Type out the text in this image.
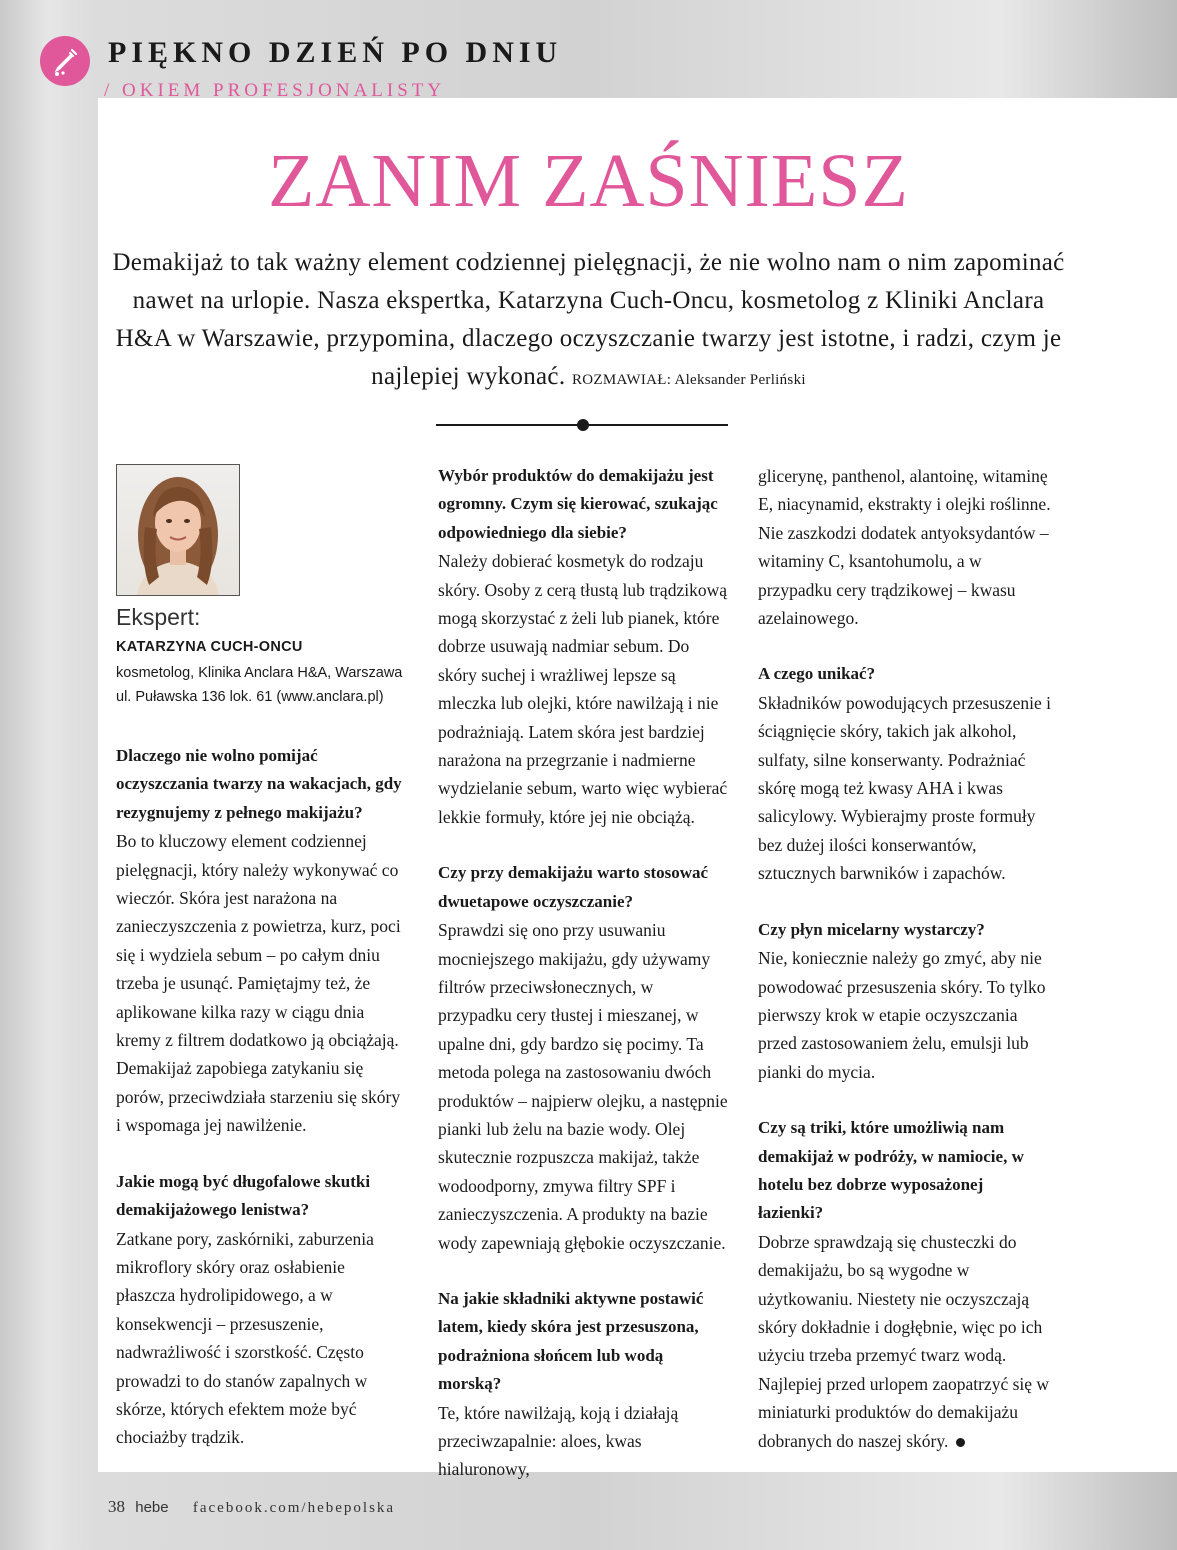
PIĘKNO DZIEŃ PO DNIU
/ OKIEM PROFESJONALISTY
ZANIM ZAŚNIESZ
Demakijaż to tak ważny element codziennej pielęgnacji, że nie wolno nam o nim zapominać nawet na urlopie. Nasza ekspertka, Katarzyna Cuch-Oncu, kosmetolog z Kliniki Anclara H&A w Warszawie, przypomina, dlaczego oczyszczanie twarzy jest istotne, i radzi, czym je najlepiej wykonać. ROZMAWIAŁ: Aleksander Perliński
Ekspert:
KATARZYNA CUCH-ONCU
kosmetolog, Klinika Anclara H&A, Warszawa
ul. Puławska 136 lok. 61 (www.anclara.pl)
Dlaczego nie wolno pomijać oczyszczania twarzy na wakacjach, gdy rezygnujemy z pełnego makijażu?
Bo to kluczowy element codziennej pielęgnacji, który należy wykonywać co wieczór. Skóra jest narażona na zanieczyszczenia z powietrza, kurz, poci się i wydziela sebum – po całym dniu trzeba je usunąć. Pamiętajmy też, że aplikowane kilka razy w ciągu dnia kremy z filtrem dodatkowo ją obciążają. Demakijaż zapobiega zatykaniu się porów, przeciwdziała starzeniu się skóry i wspomaga jej nawilżenie.
Jakie mogą być długofalowe skutki demakijażowego lenistwa?
Zatkane pory, zaskórniki, zaburzenia mikroflory skóry oraz osłabienie płaszcza hydrolipidowego, a w konsekwencji – przesuszenie, nadwrażliwość i szorstkość. Często prowadzi to do stanów zapalnych w skórze, których efektem może być chociażby trądzik.
Wybór produktów do demakijażu jest ogromny. Czym się kierować, szukając odpowiedniego dla siebie?
Należy dobierać kosmetyk do rodzaju skóry. Osoby z cerą tłustą lub trądzikową mogą skorzystać z żeli lub pianek, które dobrze usuwają nadmiar sebum. Do skóry suchej i wrażliwej lepsze są mleczka lub olejki, które nawilżają i nie podrażniają. Latem skóra jest bardziej narażona na przegrzanie i nadmierne wydzielanie sebum, warto więc wybierać lekkie formuły, które jej nie obciążą.
Czy przy demakijażu warto stosować dwuetapowe oczyszczanie?
Sprawdzi się ono przy usuwaniu mocniejszego makijażu, gdy używamy filtrów przeciwsłonecznych, w przypadku cery tłustej i mieszanej, w upalne dni, gdy bardzo się pocimy. Ta metoda polega na zastosowaniu dwóch produktów – najpierw olejku, a następnie pianki lub żelu na bazie wody. Olej skutecznie rozpuszcza makijaż, także wodoodporny, zmywa filtry SPF i zanieczyszczenia. A produkty na bazie wody zapewniają głębokie oczyszczanie.
Na jakie składniki aktywne postawić latem, kiedy skóra jest przesuszona, podrażniona słońcem lub wodą morską?
Te, które nawilżają, koją i działają przeciwzapalnie: aloes, kwas hialuronowy,
glicerynę, panthenol, alantoinę, witaminę E, niacynamid, ekstrakty i olejki roślinne. Nie zaszkodzi dodatek antyoksydantów – witaminy C, ksantohumolu, a w przypadku cery trądzikowej – kwasu azelainowego.
A czego unikać?
Składników powodujących przesuszenie i ściągnięcie skóry, takich jak alkohol, sulfaty, silne konserwanty. Podrażniać skórę mogą też kwasy AHA i kwas salicylowy. Wybierajmy proste formuły bez dużej ilości konserwantów, sztucznych barwników i zapachów.
Czy płyn micelarny wystarczy?
Nie, koniecznie należy go zmyć, aby nie powodować przesuszenia skóry. To tylko pierwszy krok w etapie oczyszczania przed zastosowaniem żelu, emulsji lub pianki do mycia.
Czy są triki, które umożliwią nam demakijaż w podróży, w namiocie, w hotelu bez dobrze wyposażonej łazienki?
Dobrze sprawdzają się chusteczki do demakijażu, bo są wygodne w użytkowaniu. Niestety nie oczyszczają skóry dokładnie i dogłębnie, więc po ich użyciu trzeba przemyć twarz wodą. Najlepiej przed urlopem zaopatrzyć się w miniaturki produktów do demakijażu dobranych do naszej skóry.
38 hebe facebook.com/hebepolska
